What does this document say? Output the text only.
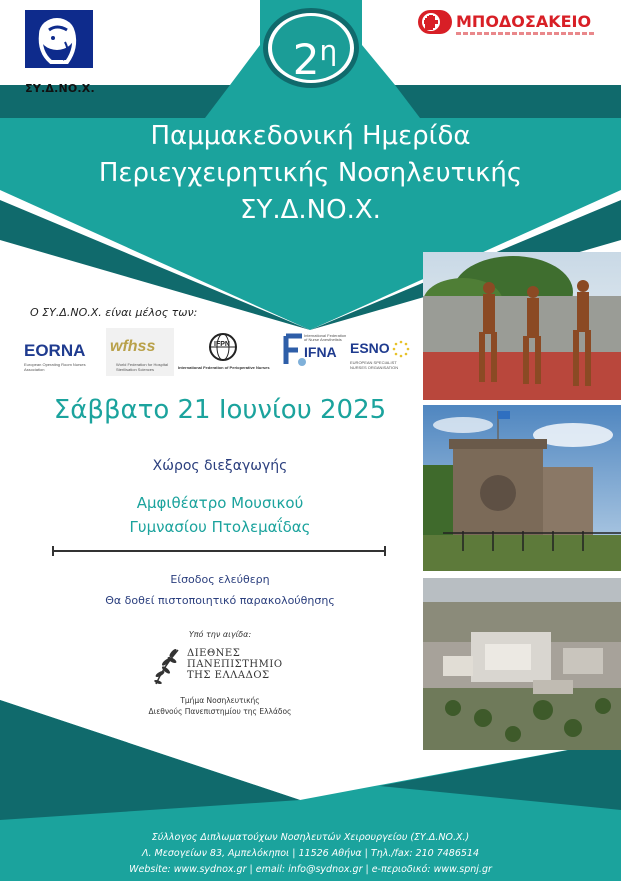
ΣΥ.Δ.ΝΟ.Χ.
ΜΠΟΔΟΣΑΚΕΙΟ
$2^\eta$
Παμμακεδονική Ημερίδα
Περιεγχειρητικής Νοσηλευτικής
ΣΥ.Δ.ΝΟ.Χ.
Ο ΣΥ.Δ.ΝΟ.Χ. είναι μέλος των:
EORNA
European Operating Room Nurses Association
wfhss
World Federation for Hospital Sterilisation Sciences
IFPN
International Federation of Perioperative Nurses
IFNA
International Federation of Nurse Anesthetists
ESNO
EUROPEAN SPECIALIST NURSES ORGANISATION
Σάββατο 21 Ιουνίου 2025
Χώρος διεξαγωγής
Αμφιθέατρο Μουσικού
Γυμνασίου Πτολεμαΐδας
Είσοδος ελεύθερη
Θα δοθεί πιστοποιητικό παρακολούθησης
Υπό την αιγίδα:
ΔΙΕΘΝΕΣ
ΠΑΝΕΠΙΣΤΗΜΙΟ
ΤΗΣ ΕΛΛΑΔΟΣ
Τμήμα Νοσηλευτικής
Διεθνούς Πανεπιστημίου της Ελλάδος
Σύλλογος Διπλωματούχων Νοσηλευτών Χειρουργείου (ΣΥ.Δ.ΝΟ.Χ.)
Λ. Μεσογείων 83, Αμπελόκηποι | 11526 Αθήνα | Τηλ./fax: 210 7486514
Website: www.sydnox.gr | email: info@sydnox.gr | e-περιοδικό: www.spnj.gr
